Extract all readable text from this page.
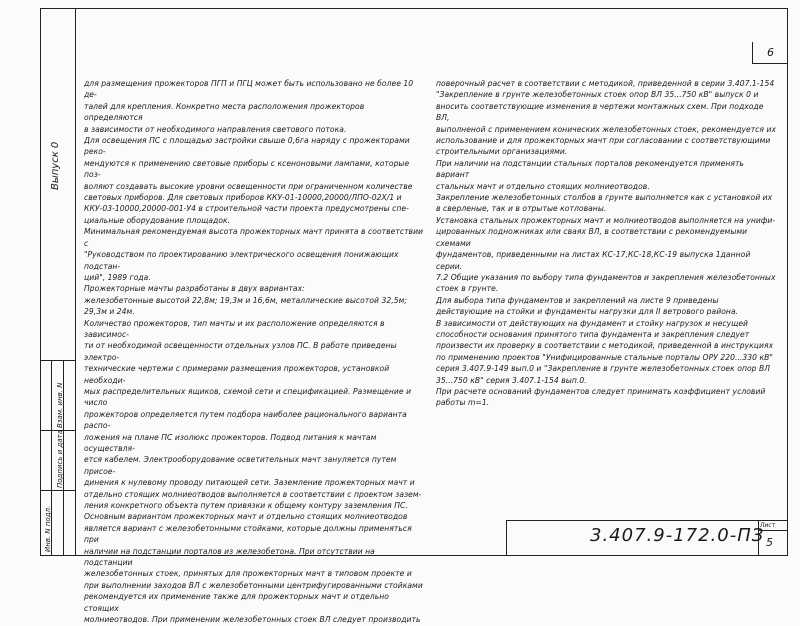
6
Выпуск 0
Инв. N подл.
Подпись и дата
Взам. инв. N

для размещения прожекторов ПГП и ПГЦ может быть использовано не более 10 де-

талей для крепления. Конкретно места расположения прожекторов определяются

в зависимости от необходимого направления светового потока.

Для освещения ПС с площадью застройки свыше 0,6га наряду с прожекторами реко-

мендуются к применению световые приборы с ксеноновыми лампами, которые поз-

воляют создавать высокие уровни освещенности при ограниченном количестве

световых приборов. Для световых приборов ККУ-01-10000,20000/ЛПО-02Х/1 и

ККУ-03-10000,20000-001-У4 в строительной части проекта предусмотрены спе-

циальные оборудование площадок.

Минимальная рекомендуемая высота прожекторных мачт принята в соответствии с

"Руководством по проектированию электрического освещения понижающих подстан-

ций", 1989 года.

Прожекторные мачты разработаны в двух вариантах:

железобетонные высотой 22,8м; 19,3м и 16,6м, металлические высотой 32,5м;

29,3м и 24м.

Количество прожекторов, тип мачты и их расположение определяются в зависимос-

ти от необходимой освещенности отдельных узлов ПС. В работе приведены электро-

технические чертежи с примерами размещения прожекторов, установкой необходи-

мых распределительных ящиков, схемой сети и спецификацией. Размещение и число

прожекторов определяется путем подбора наиболее рационального варианта распо-

ложения на плане ПС изолюкс прожекторов. Подвод питания к мачтам осуществля-

ется кабелем. Электрооборудование осветительных мачт зануляется путем присое-

динения к нулевому проводу питающей сети. Заземление прожекторных мачт и

отдельно стоящих молниеотводов выполняется в соответствии с проектом зазем-

ления конкретного объекта путем привязки к общему контуру заземления ПС.

Основным вариантом прожекторных мачт и отдельно стоящих молниеотводов

является вариант с железобетонными стойками, которые должны применяться при

наличии на подстанции порталов из железобетона. При отсутствии на подстанции

железобетонных стоек, принятых для прожекторных мачт в типовом проекте и

при выполнении заходов ВЛ с железобетонными центрифугированными стойками

рекомендуется их применение также для прожекторных мачт и отдельно стоящих

молниеотводов. При применении железобетонных стоек ВЛ следует производить

поверочный расчет в соответствии с методикой, приведенной в серии 3.407.1-154

"Закрепление в грунте железобетонных стоек опор ВЛ 35...750 кВ" выпуск 0 и

вносить соответствующие изменения в чертежи монтажных схем. При подходе ВЛ,

выполненой с применением конических железобетонных стоек, рекомендуется их

использование и для прожекторных мачт при согласовании с соответствующими

строительными организациями.

При наличии на подстанции стальных порталов рекомендуется применять вариант

стальных мачт и отдельно стоящих молниеотводов.

Закрепление железобетонных столбов в грунте выполняется как с установкой их

в сверленые, так и в отрытые котлованы.

Установка стальных прожекторных мачт и молниеотводов выполняется на унифи-

цированных подножниках или сваях ВЛ, в соответствии с рекомендуемыми схемами

фундаментов, приведенными на листах КС-17,КС-18,КС-19 выпуска 1данной серии.

7.2 Общие указания по выбору типа фундаментов и закрепления железобетонных

стоек в грунте.

Для выбора типа фундаментов и закреплений на листе 9 приведены

действующие на стойки и фундаменты нагрузки для II ветрового района.

В зависимости от действующих на фундамент и стойку нагрузок и несущей

способности основания принятого типа фундамента и закрепления следует

произвести их проверку в соответствии с методикой, приведенной в инструкциях

по применению проектов "Унифицированные стальные порталы ОРУ 220...330 кВ"

серия 3.407.9-149 вып.0 и "Закрепление в грунте железобетонных стоек опор ВЛ

35...750 кВ" серия 3.407.1-154 вып.0.

При расчете оснований фундаментов следует принимать коэффициент условий

работы m=1.

3.407.9-172.0-ПЗ
Лист
5
